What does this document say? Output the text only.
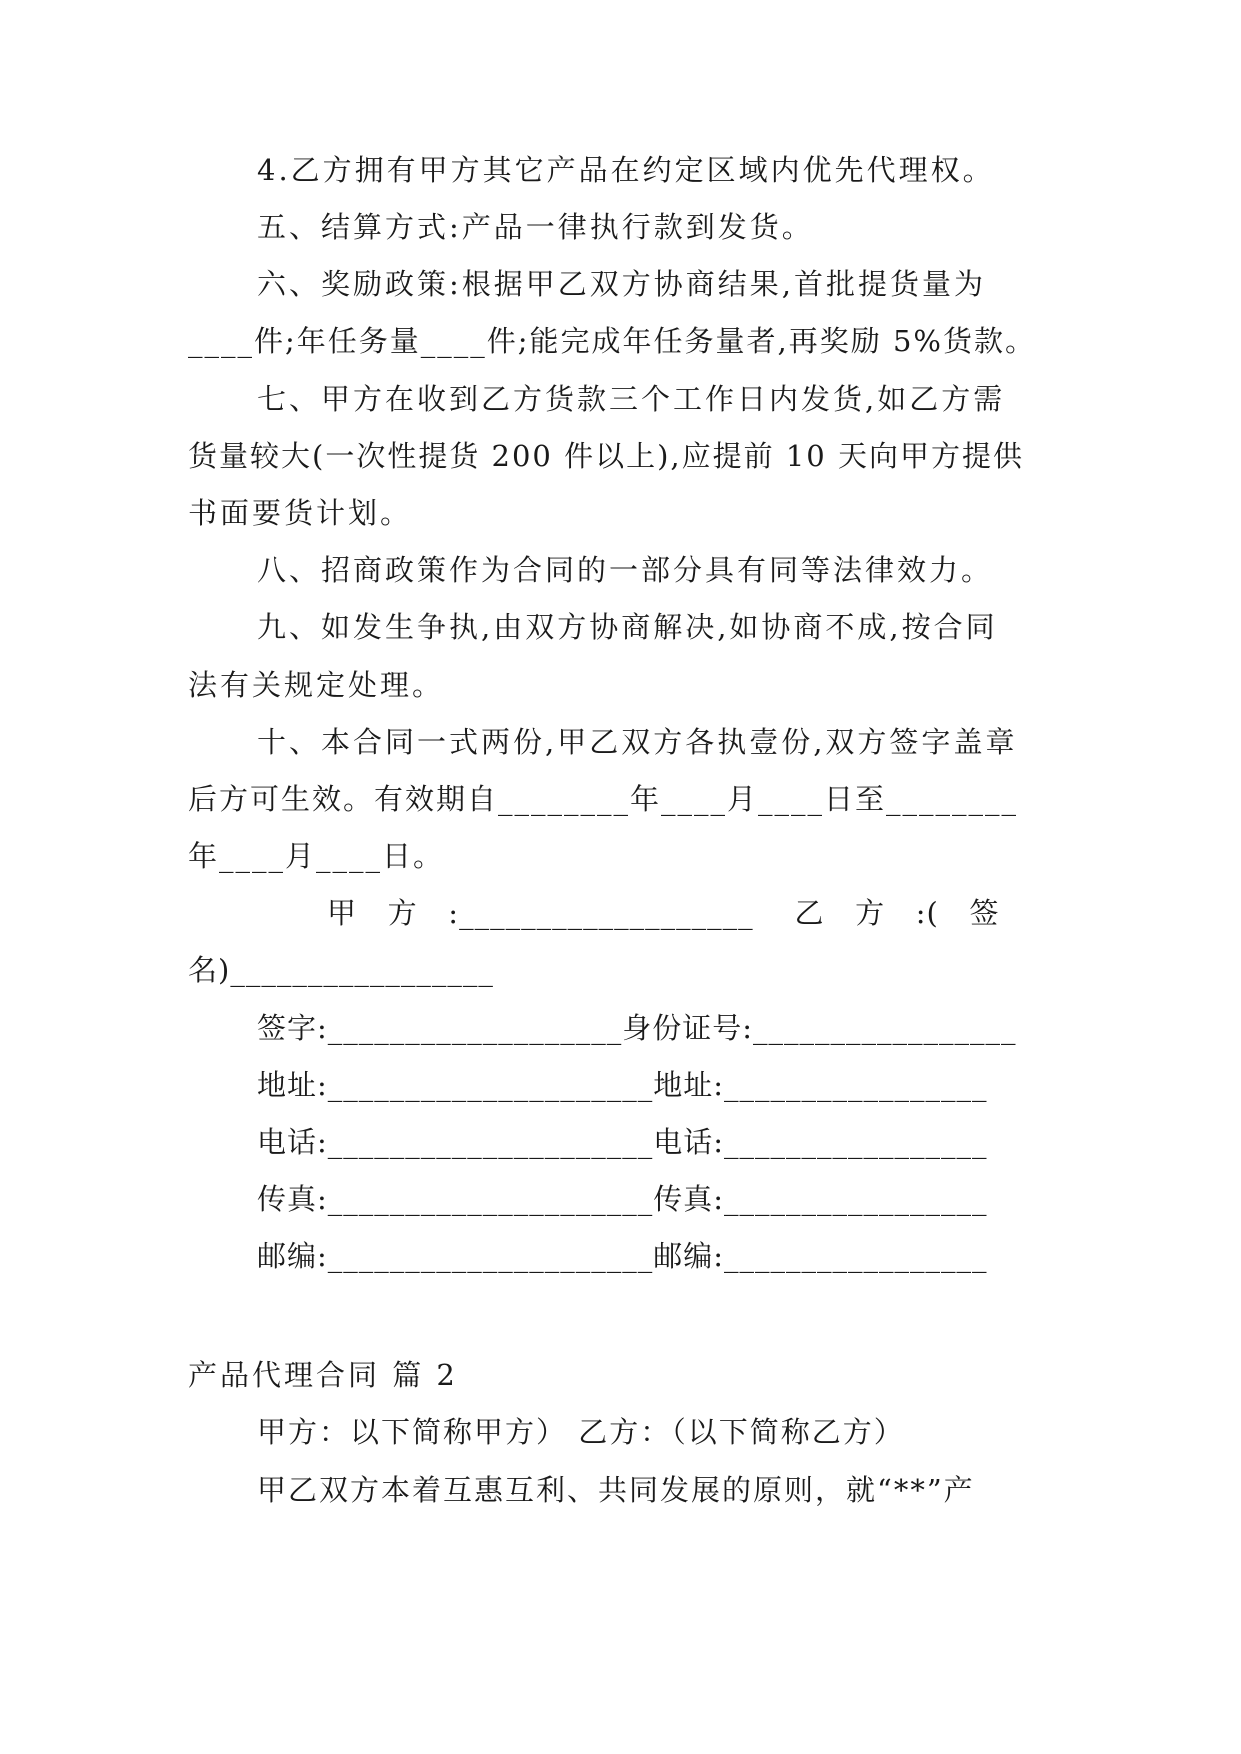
4.乙方拥有甲方其它产品在约定区域内优先代理权。
五、结算方式:产品一律执行款到发货。
六、奖励政策:根据甲乙双方协商结果,首批提货量为
____件;年任务量____件;能完成年任务量者,再奖励 5%货款。
七、甲方在收到乙方货款三个工作日内发货,如乙方需
货量较大(一次性提货 200 件以上),应提前 10 天向甲方提供
书面要货计划。
八、招商政策作为合同的一部分具有同等法律效力。
九、如发生争执,由双方协商解决,如协商不成,按合同
法有关规定处理。
十、本合同一式两份,甲乙双方各执壹份,双方签字盖章
后方可生效。有效期自________年____月____日至________
年____月____日。
甲   方   :___________________    乙   方   :(   签
名)_________________
签字:___________________身份证号:_________________
地址:_____________________地址:_________________
电话:_____________________电话:_________________
传真:_____________________传真:_________________
邮编:_____________________邮编:_________________
产品代理合同 篇 2
甲方：以下简称甲方） 乙方：（以下简称乙方）
甲乙双方本着互惠互利、共同发展的原则，就“**”产
